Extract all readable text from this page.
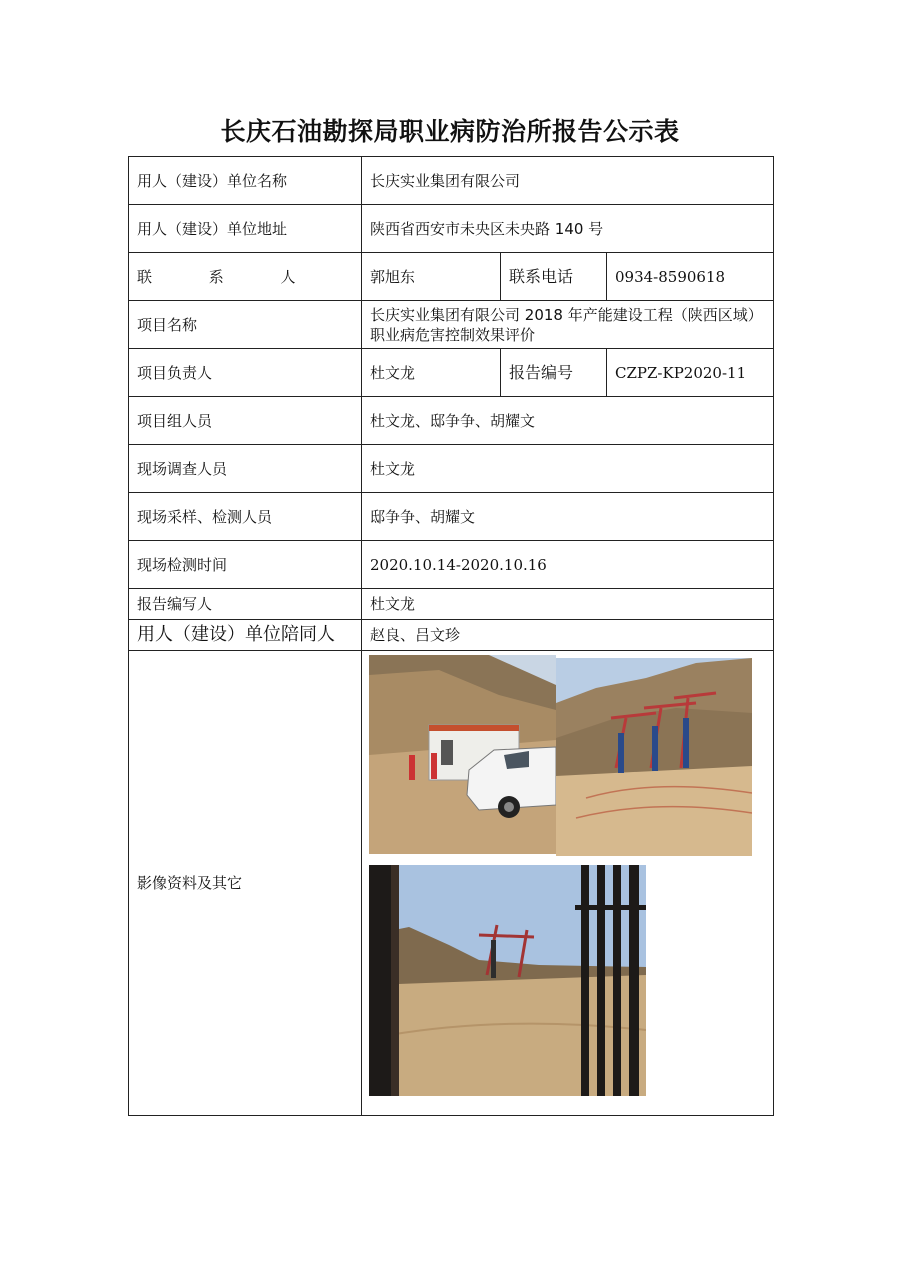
长庆石油勘探局职业病防治所报告公示表
用人（建设）单位名称	长庆实业集团有限公司		
用人（建设）单位地址	陕西省西安市未央区未央路 140 号		
联 系 人	郭旭东	联系电话	0934-8590618
项目名称	长庆实业集团有限公司 2018 年产能建设工程（陕西区域）职业病危害控制效果评价		
项目负责人	杜文龙	报告编号	CZPZ-KP2020-11
项目组人员	杜文龙、邸争争、胡耀文		
现场调查人员	杜文龙		
现场采样、检测人员	邸争争、胡耀文		
现场检测时间	2020.10.14-2020.10.16		
报告编写人	杜文龙		
用人（建设）单位陪同人	赵良、吕文珍		
影像资料及其它	
